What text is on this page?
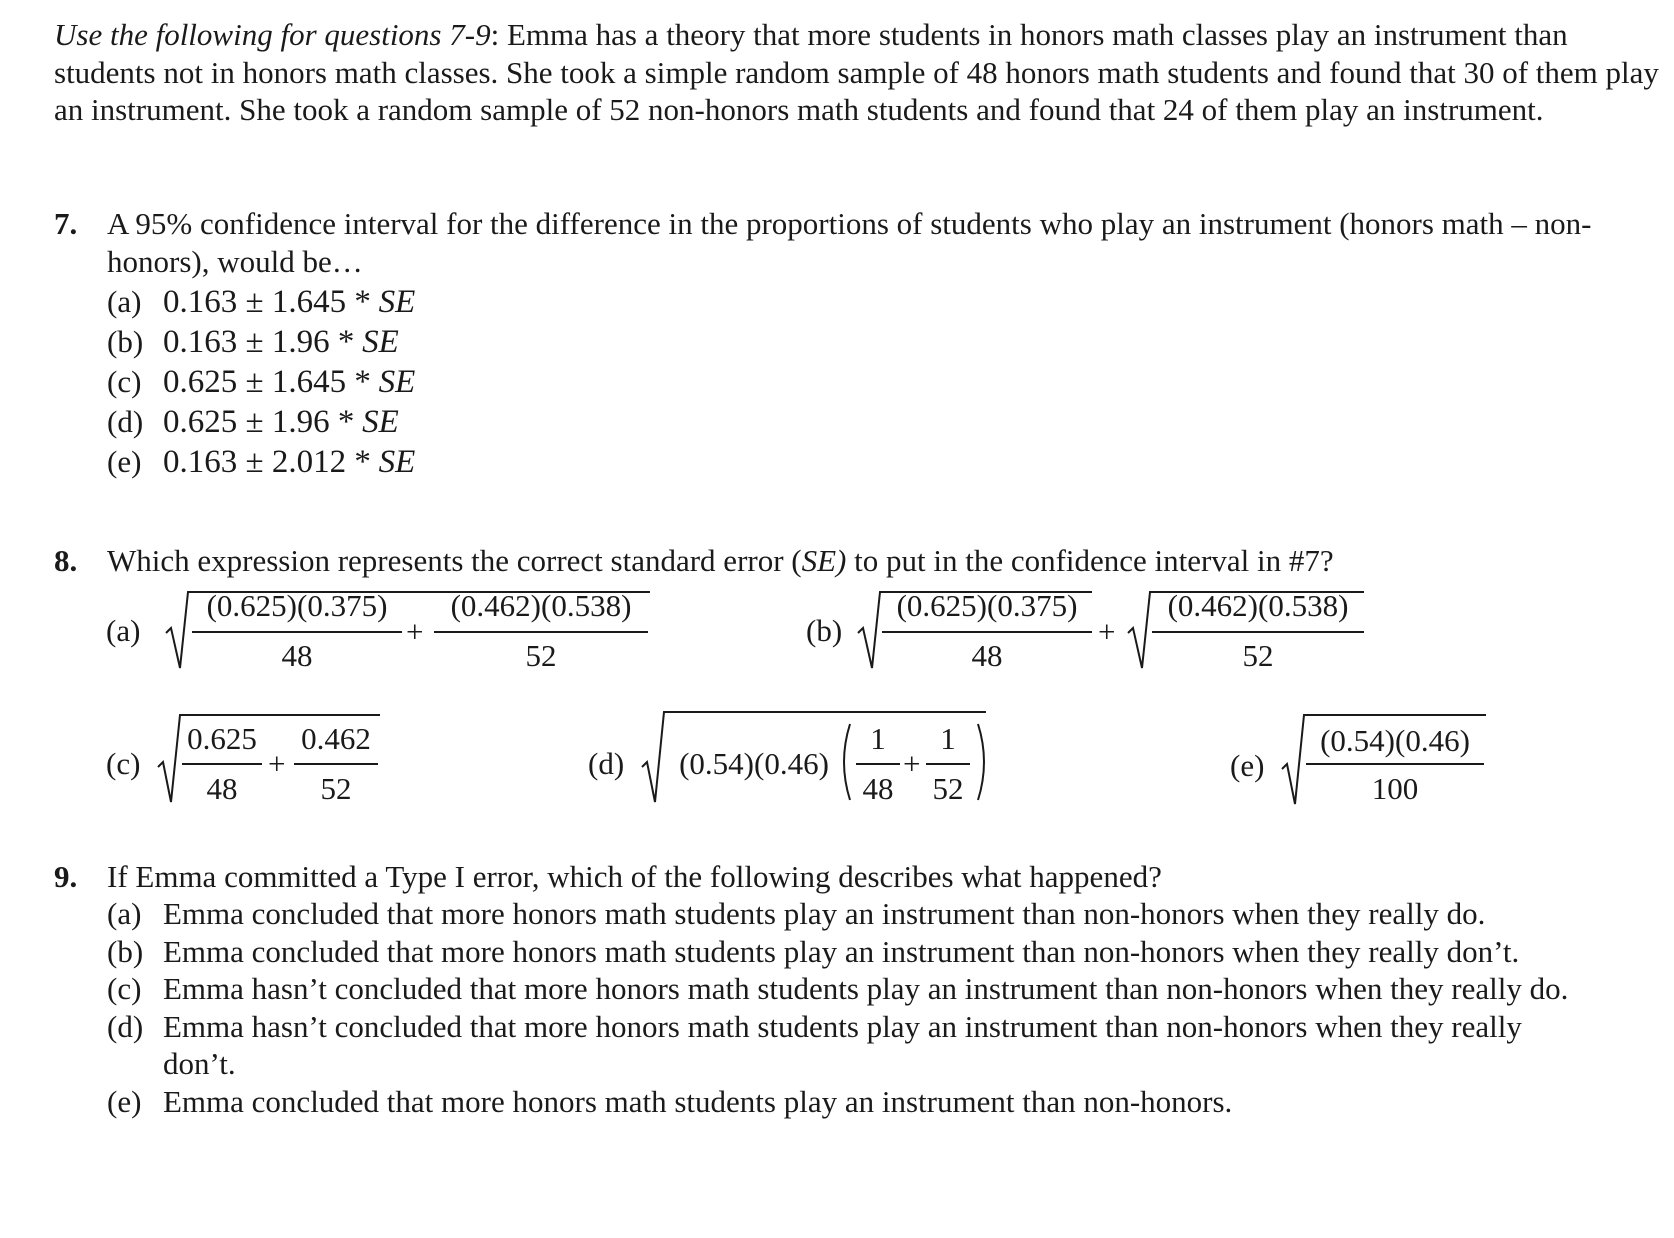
Use the following for questions 7-9: Emma has a theory that more students in honors math classes play an instrument than students not in honors math classes. She took a simple random sample of 48 honors math students and found that 30 of them play an instrument. She took a random sample of 52 non-honors math students and found that 24 of them play an instrument.
7. A 95% confidence interval for the difference in the proportions of students who play an instrument (honors math – non-honors), would be…
(a) 0.163 ± 1.645 * SE
(b) 0.163 ± 1.96 * SE
(c) 0.625 ± 1.645 * SE
(d) 0.625 ± 1.96 * SE
(e) 0.163 ± 2.012 * SE
8. Which expression represents the correct standard error (SE) to put in the confidence interval in #7?
(a)
(0.625)(0.375)
48
+
(0.462)(0.538)
52
(b)
(0.625)(0.375)
48
+
(0.462)(0.538)
52
(c)
0.625
48
+
0.462
52
(d)	(0.54)(0.46)
1
48
+
1
52
(e)
(0.54)(0.46)
100
9. If Emma committed a Type I error, which of the following describes what happened?
(a) Emma concluded that more honors math students play an instrument than non-honors when they really do.
(b) Emma concluded that more honors math students play an instrument than non-honors when they really don’t.
(c) Emma hasn’t concluded that more honors math students play an instrument than non-honors when they really do.
(d) Emma hasn’t concluded that more honors math students play an instrument than non-honors when they really
don’t.
(e) Emma concluded that more honors math students play an instrument than non-honors.
